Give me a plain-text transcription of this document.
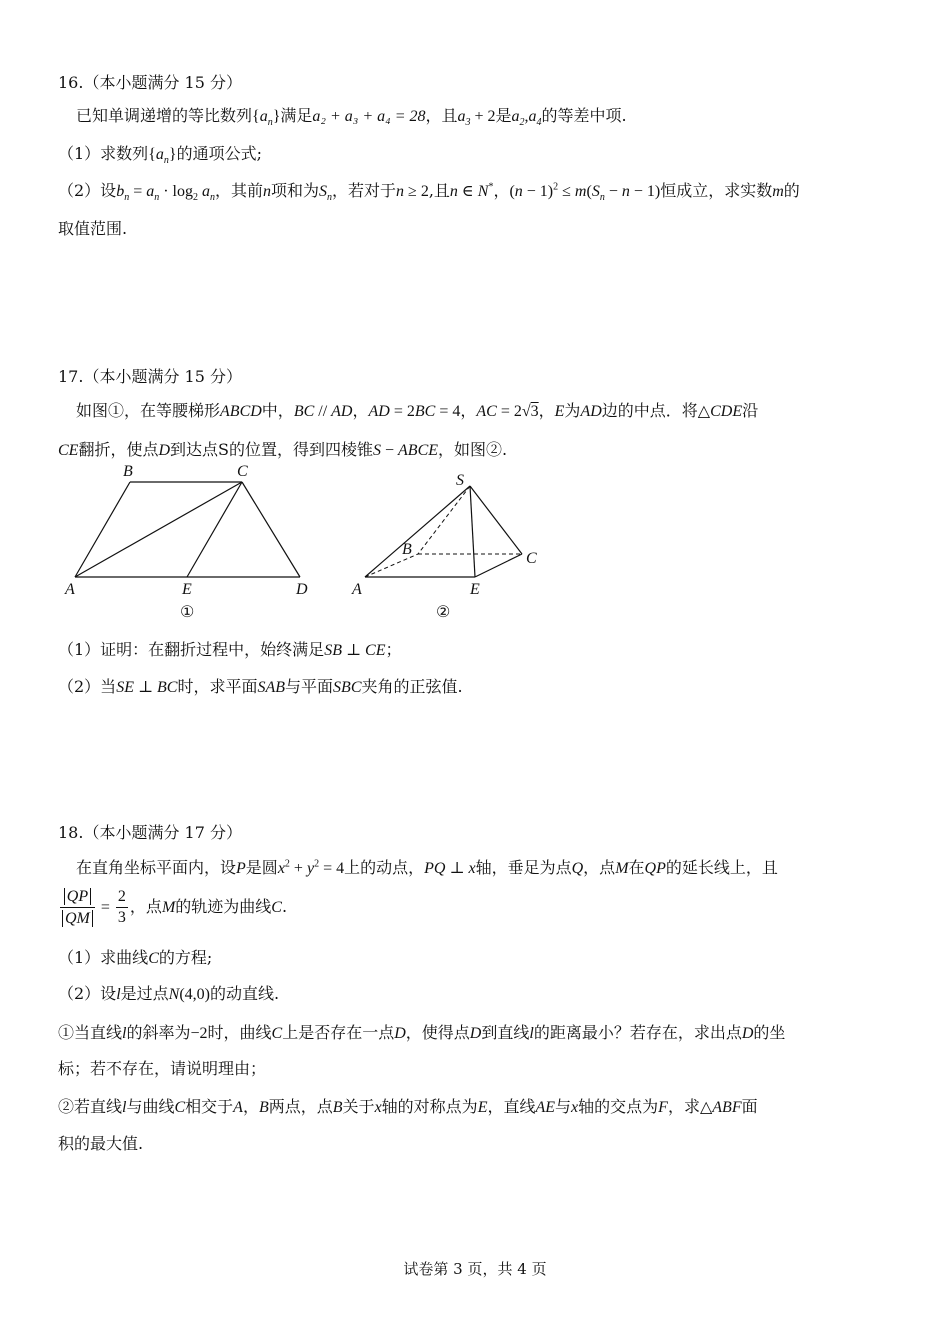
16.（本小题满分 15 分）
已知单调递增的等比数列$\{a_n\}$满足a₂ + a₃ + a₄ = 28，且$a_3 + 2$是$a_2,a_4$的等差中项.
（1）求数列$\{a_n\}$的通项公式;
（2）设$b_n = a_n \cdot \log_2 a_n$，其前n项和为$S_n$，若对于n ≥ 2,且n ∈ N*，$(n - 1)^2 \le m(S_n - n - 1)$恒成立，求实数m的
取值范围.
17.（本小题满分 15 分）
如图①，在等腰梯形ABCD中，BC // AD，AD = 2BC = 4，AC = 2√3，E为AD边的中点．将△CDE沿
CE翻折，使点D到达点S的位置，得到四棱锥S − ABCE，如图②.
B	C
A	E	D
①
S
B
C
A	E
②
（1）证明：在翻折过程中，始终满足SB ⊥ CE；
（2）当SE ⊥ BC时，求平面SAB与平面SBC夹角的正弦值.
18.（本小题满分 17 分）
在直角坐标平面内，设P是圆$x^2 + y^2 = 4$上的动点，PQ ⊥ x轴，垂足为点Q，点M在QP的延长线上，且
$\frac{QP}{QM} = \frac{2}{3}$ ，点M的轨迹为曲线C.
（1）求曲线C的方程;
（2）设l是过点N(4,0)的动直线.
①当直线l的斜率为−2时，曲线C上是否存在一点D，使得点D到直线l的距离最小？若存在，求出点D的坐
标；若不存在，请说明理由；
②若直线l与曲线C相交于A，B两点，点B关于x轴的对称点为E，直线AE与x轴的交点为F，求△ABF面
积的最大值.
试卷第 3 页，共 4 页
